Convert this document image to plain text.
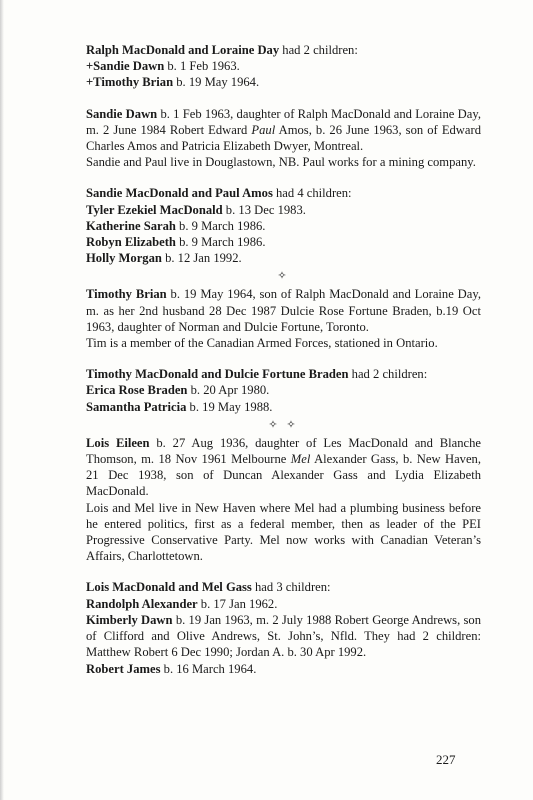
Ralph MacDonald and Loraine Day had 2 children:

+Sandie Dawn b. 1 Feb 1963.

+Timothy Brian b. 19 May 1964.

Sandie Dawn b. 1 Feb 1963, daughter of Ralph MacDonald and Loraine Day, m. 2 June 1984 Robert Edward Paul Amos, b. 26 June 1963, son of Edward Charles Amos and Patricia Elizabeth Dwyer, Montreal.

Sandie and Paul live in Douglastown, NB. Paul works for a mining company.

Sandie MacDonald and Paul Amos had 4 children:

Tyler Ezekiel MacDonald b. 13 Dec 1983.

Katherine Sarah b. 9 March 1986.

Robyn Elizabeth b. 9 March 1986.

Holly Morgan b. 12 Jan 1992.

✧

Timothy Brian b. 19 May 1964, son of Ralph MacDonald and Loraine Day, m. as her 2nd husband 28 Dec 1987 Dulcie Rose Fortune Braden, b.19 Oct 1963, daughter of Norman and Dulcie Fortune, Toronto.

Tim is a member of the Canadian Armed Forces, stationed in Ontario.

Timothy MacDonald and Dulcie Fortune Braden had 2 children:

Erica Rose Braden b. 20 Apr 1980.

Samantha Patricia b. 19 May 1988.

✧ ✧

Lois Eileen b. 27 Aug 1936, daughter of Les MacDonald and Blanche Thomson, m. 18 Nov 1961 Melbourne Mel Alexander Gass, b. New Haven, 21 Dec 1938, son of Duncan Alexander Gass and Lydia Elizabeth MacDonald.

Lois and Mel live in New Haven where Mel had a plumbing business before he entered politics, first as a federal member, then as leader of the PEI Progressive Conservative Party. Mel now works with Canadian Veteran’s Affairs, Charlottetown.

Lois MacDonald and Mel Gass had 3 children:

Randolph Alexander b. 17 Jan 1962.

Kimberly Dawn b. 19 Jan 1963, m. 2 July 1988 Robert George Andrews, son of Clifford and Olive Andrews, St. John’s, Nfld. They had 2 children: Matthew Robert 6 Dec 1990; Jordan A. b. 30 Apr 1992.

Robert James b. 16 March 1964.

227
